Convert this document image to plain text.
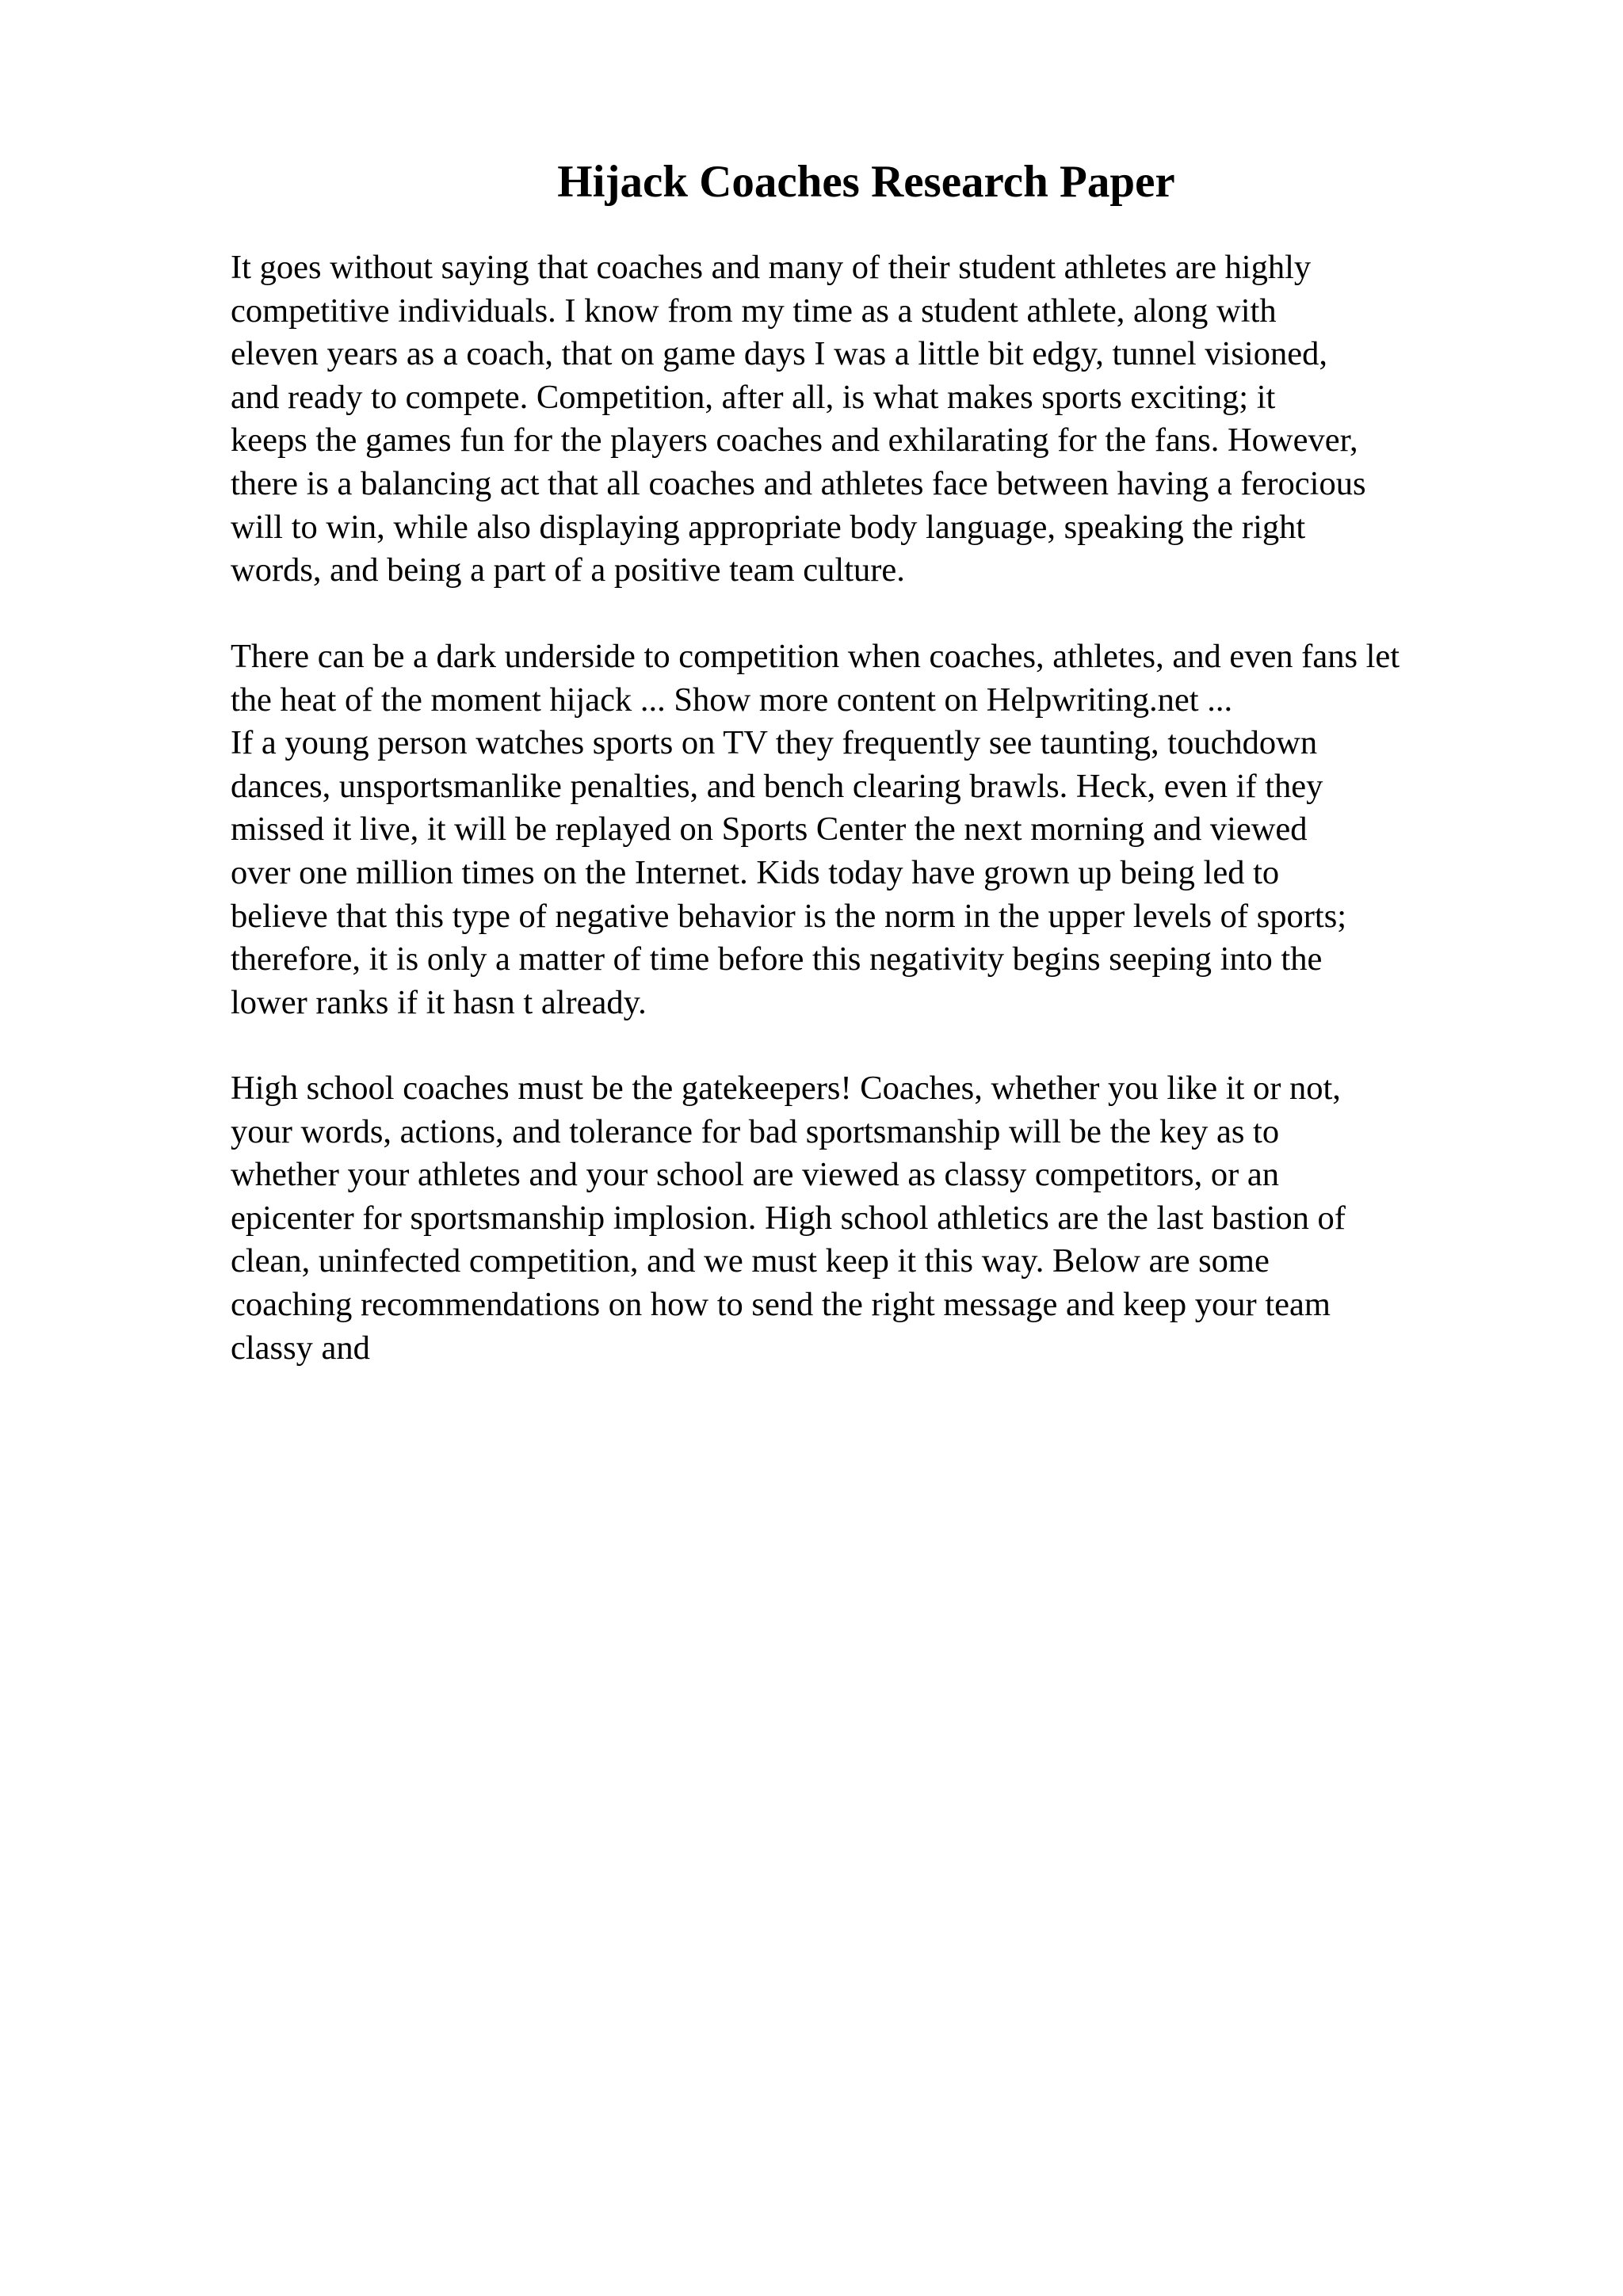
Hijack Coaches Research Paper

It goes without saying that coaches and many of their student athletes are highly
competitive individuals. I know from my time as a student athlete, along with
eleven years as a coach, that on game days I was a little bit edgy, tunnel visioned,
and ready to compete. Competition, after all, is what makes sports exciting; it
keeps the games fun for the players coaches and exhilarating for the fans. However,
there is a balancing act that all coaches and athletes face between having a ferocious
will to win, while also displaying appropriate body language, speaking the right
words, and being a part of a positive team culture.

There can be a dark underside to competition when coaches, athletes, and even fans let
the heat of the moment hijack ... Show more content on Helpwriting.net ...
If a young person watches sports on TV they frequently see taunting, touchdown
dances, unsportsmanlike penalties, and bench clearing brawls. Heck, even if they
missed it live, it will be replayed on Sports Center the next morning and viewed
over one million times on the Internet. Kids today have grown up being led to
believe that this type of negative behavior is the norm in the upper levels of sports;
therefore, it is only a matter of time before this negativity begins seeping into the
lower ranks if it hasn t already.

High school coaches must be the gatekeepers! Coaches, whether you like it or not,
your words, actions, and tolerance for bad sportsmanship will be the key as to
whether your athletes and your school are viewed as classy competitors, or an
epicenter for sportsmanship implosion. High school athletics are the last bastion of
clean, uninfected competition, and we must keep it this way. Below are some
coaching recommendations on how to send the right message and keep your team
classy and
